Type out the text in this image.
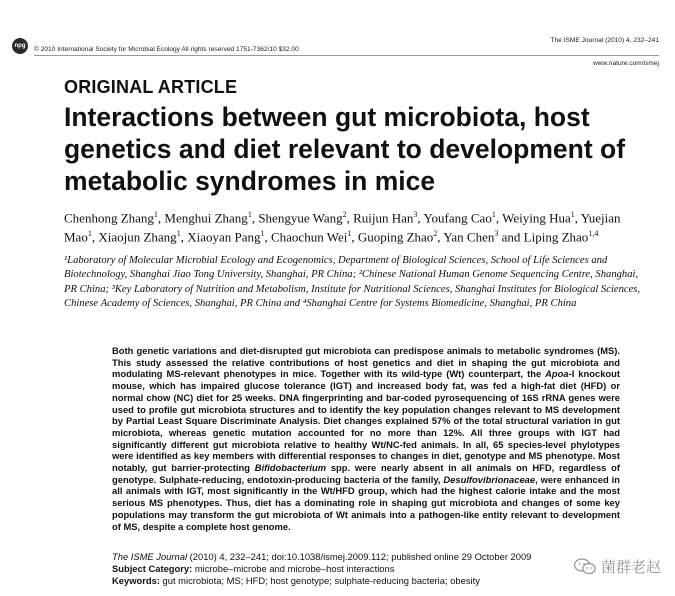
npg
The ISME Journal (2010) 4, 232–241
© 2010 International Society for Microbial Ecology All rights reserved 1751-7362/10 $32.00
www.nature.com/ismej
ORIGINAL ARTICLE
Interactions between gut microbiota, host genetics and diet relevant to development of metabolic syndromes in mice
Chenhong Zhang$^1$, Menghui Zhang$^1$, Shengyue Wang$^2$, Ruijun Han$^3$, Youfang Cao$^1$, Weiying Hua$^1$, Yuejian Mao$^1$, Xiaojun Zhang$^1$, Xiaoyan Pang$^1$, Chaochun Wei$^1$, Guoping Zhao$^2$, Yan Chen$^3$ and Liping Zhao$^{1,4}$
¹Laboratory of Molecular Microbial Ecology and Ecogenomics, Department of Biological Sciences, School of Life Sciences and Biotechnology, Shanghai Jiao Tong University, Shanghai, PR China; ²Chinese National Human Genome Sequencing Centre, Shanghai, PR China; ³Key Laboratory of Nutrition and Metabolism, Institute for Nutritional Sciences, Shanghai Institutes for Biological Sciences, Chinese Academy of Sciences, Shanghai, PR China and ⁴Shanghai Centre for Systems Biomedicine, Shanghai, PR China
Both genetic variations and diet-disrupted gut microbiota can predispose animals to metabolic syndromes (MS). This study assessed the relative contributions of host genetics and diet in shaping the gut microbiota and modulating MS-relevant phenotypes in mice. Together with its wild-type (Wt) counterpart, the Apoa-I knockout mouse, which has impaired glucose tolerance (IGT) and increased body fat, was fed a high-fat diet (HFD) or normal chow (NC) diet for 25 weeks. DNA fingerprinting and bar-coded pyrosequencing of 16S rRNA genes were used to profile gut microbiota structures and to identify the key population changes relevant to MS development by Partial Least Square Discriminate Analysis. Diet changes explained 57% of the total structural variation in gut microbiota, whereas genetic mutation accounted for no more than 12%. All three groups with IGT had significantly different gut microbiota relative to healthy Wt/NC-fed animals. In all, 65 species-level phylotypes were identified as key members with differential responses to changes in diet, genotype and MS phenotype. Most notably, gut barrier-protecting Bifidobacterium spp. were nearly absent in all animals on HFD, regardless of genotype. Sulphate-reducing, endotoxin-producing bacteria of the family, Desulfovibrionaceae, were enhanced in all animals with IGT, most significantly in the Wt/HFD group, which had the highest calorie intake and the most serious MS phenotypes. Thus, diet has a dominating role in shaping gut microbiota and changes of some key populations may transform the gut microbiota of Wt animals into a pathogen-like entity relevant to development of MS, despite a complete host genome.
The ISME Journal (2010) 4, 232–241; doi:10.1038/ismej.2009.112; published online 29 October 2009
Subject Category: microbe–microbe and microbe–host interactions
Keywords: gut microbiota; MS; HFD; host genotype; sulphate-reducing bacteria; obesity
菌群老赵
